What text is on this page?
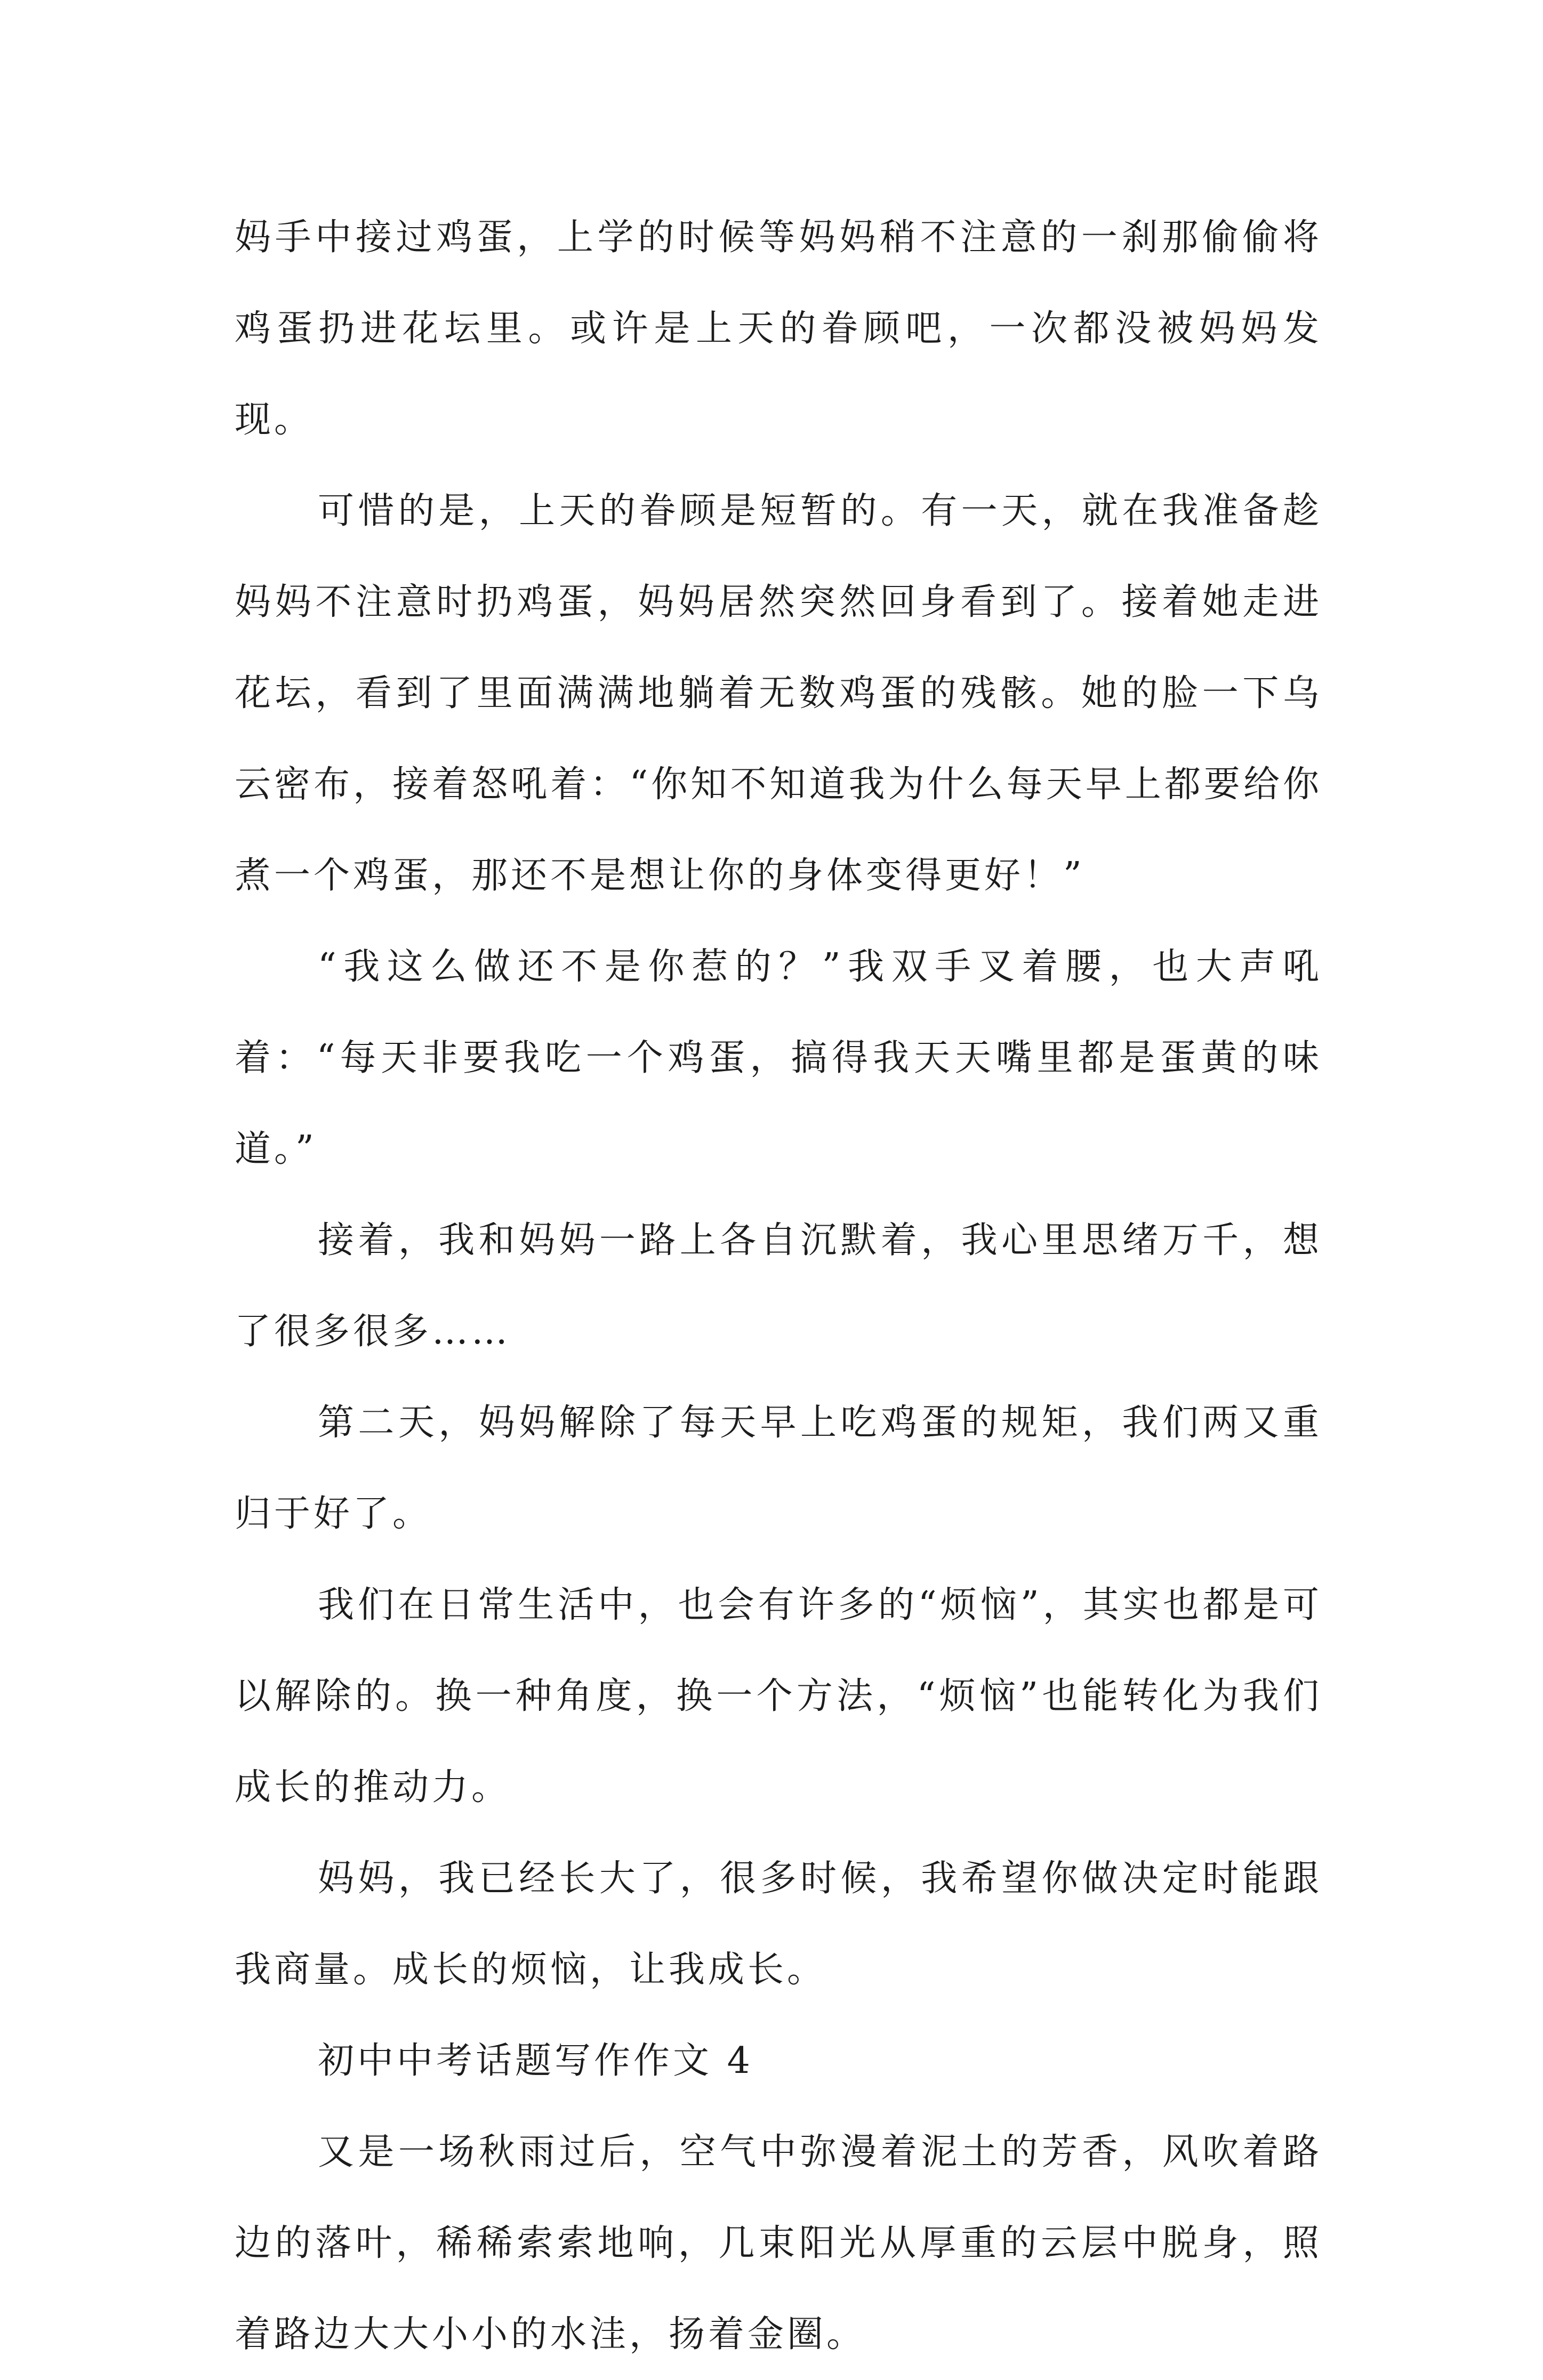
妈手中接过鸡蛋，上学的时候等妈妈稍不注意的一刹那偷偷将鸡蛋扔进花坛里。或许是上天的眷顾吧，一次都没被妈妈发现。

可惜的是，上天的眷顾是短暂的。有一天，就在我准备趁妈妈不注意时扔鸡蛋，妈妈居然突然回身看到了。接着她走进花坛，看到了里面满满地躺着无数鸡蛋的残骸。她的脸一下乌云密布，接着怒吼着：“你知不知道我为什么每天早上都要给你煮一个鸡蛋，那还不是想让你的身体变得更好！”

“我这么做还不是你惹的？”我双手叉着腰，也大声吼着：“每天非要我吃一个鸡蛋，搞得我天天嘴里都是蛋黄的味道。”

接着，我和妈妈一路上各自沉默着，我心里思绪万千，想了很多很多……

第二天，妈妈解除了每天早上吃鸡蛋的规矩，我们两又重归于好了。

我们在日常生活中，也会有许多的“烦恼”，其实也都是可以解除的。换一种角度，换一个方法，“烦恼”也能转化为我们成长的推动力。

妈妈，我已经长大了，很多时候，我希望你做决定时能跟我商量。成长的烦恼，让我成长。

初中中考话题写作作文 4

又是一场秋雨过后，空气中弥漫着泥土的芳香，风吹着路边的落叶，稀稀索索地响，几束阳光从厚重的云层中脱身，照着路边大大小小的水洼，扬着金圈。
